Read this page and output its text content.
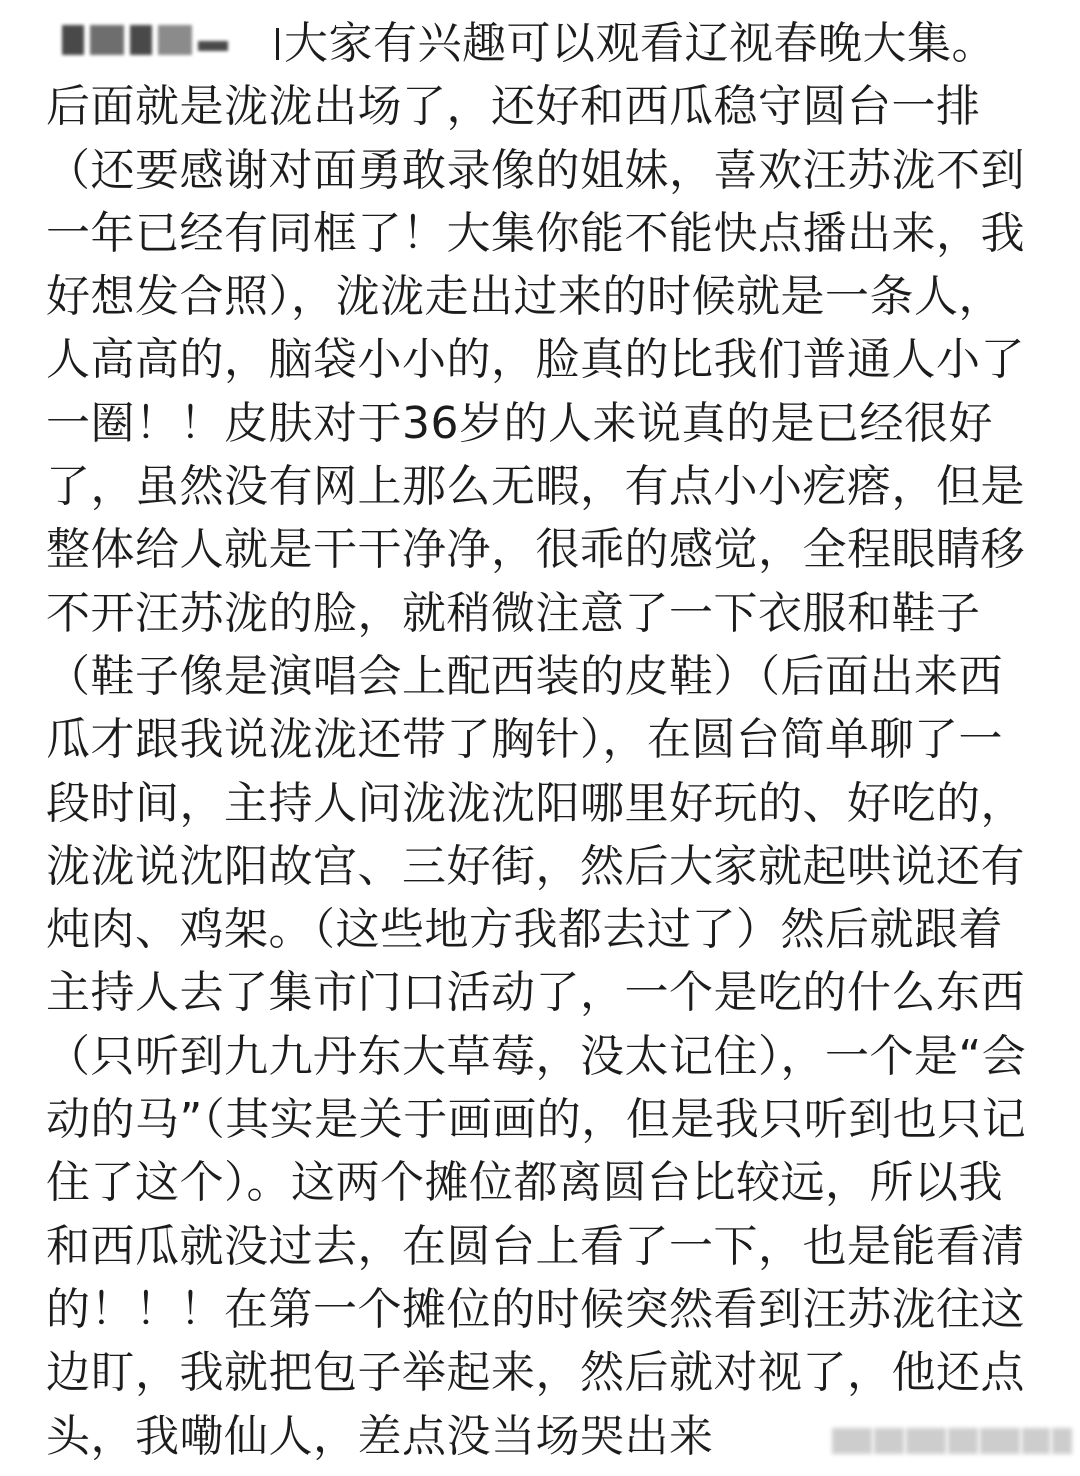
大家有兴趣可以观看辽视春晚大集。
后面就是泷泷出场了，还好和西瓜稳守圆台一排（还要感谢对面勇敢录像的姐妹，喜欢汪苏泷不到一年已经有同框了！大集你能不能快点播出来，我好想发合照），泷泷走出过来的时候就是一条人，人高高的，脑袋小小的，脸真的比我们普通人小了一圈！！皮肤对于36岁的人来说真的是已经很好了，虽然没有网上那么无暇，有点小小疙瘩，但是整体给人就是干干净净，很乖的感觉，全程眼睛移不开汪苏泷的脸，就稍微注意了一下衣服和鞋子（鞋子像是演唱会上配西装的皮鞋）（后面出来西瓜才跟我说泷泷还带了胸针），在圆台简单聊了一段时间，主持人问泷泷沈阳哪里好玩的、好吃的，泷泷说沈阳故宫、三好街，然后大家就起哄说还有炖肉、鸡架。（这些地方我都去过了）然后就跟着主持人去了集市门口活动了，一个是吃的什么东西（只听到九九丹东大草莓，没太记住），一个是“会动的马”（其实是关于画画的，但是我只听到也只记住了这个）。这两个摊位都离圆台比较远，所以我和西瓜就没过去，在圆台上看了一下，也是能看清的！！！在第一个摊位的时候突然看到汪苏泷往这边盯，我就把包子举起来，然后就对视了，他还点头，我嘞仙人，差点没当场哭出来
